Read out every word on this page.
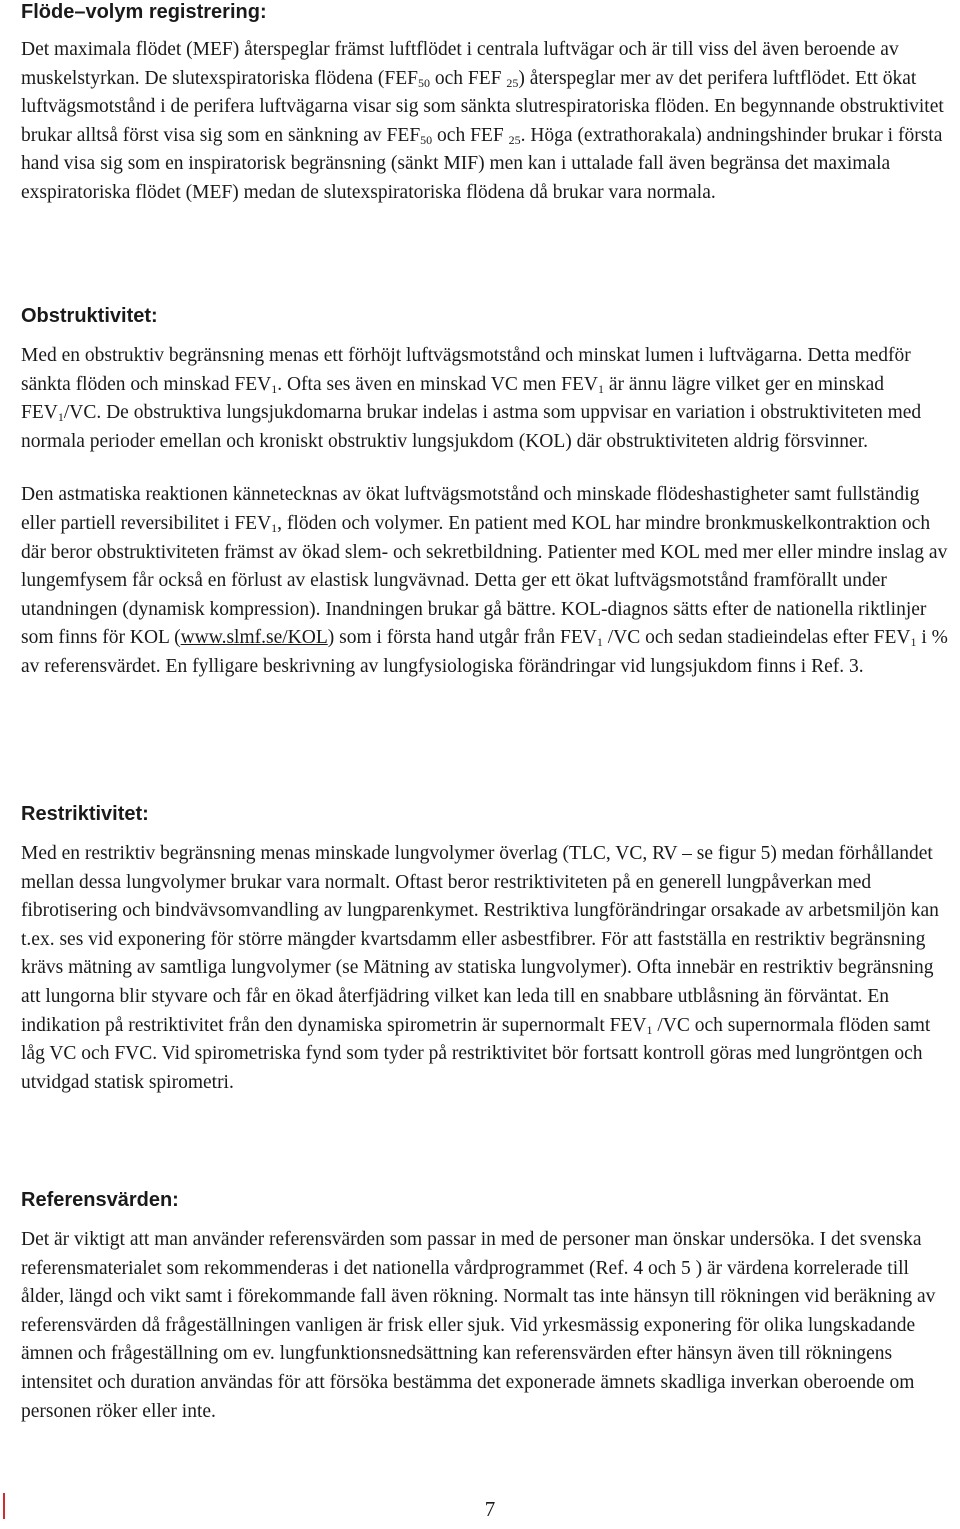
Flöde–volym registrering:

Det maximala flödet (MEF) återspeglar främst luftflödet i centrala luftvägar och är till viss del även beroende av muskelstyrkan. De slutexspiratoriska flödena ($FEF_{50}$ och FEF $_{25}$) återspeglar mer av det perifera luftflödet. Ett ökat luftvägsmotstånd i de perifera luftvägarna visar sig som sänkta slutrespiratoriska flöden. En begynnande obstruktivitet brukar alltså först visa sig som en sänkning av $FEF_{50}$ och FEF $_{25}$. Höga (extrathorakala) andningshinder brukar i första hand visa sig som en inspiratorisk begränsning (sänkt MIF) men kan i uttalade fall även begränsa det maximala exspiratoriska flödet (MEF) medan de slutexspiratoriska flödena då brukar vara normala.

Obstruktivitet:

Med en obstruktiv begränsning menas ett förhöjt luftvägsmotstånd och minskat lumen i luftvägarna. Detta medför sänkta flöden och minskad $FEV_1$. Ofta ses även en minskad VC men $FEV_1$ är ännu lägre vilket ger en minskad $FEV_1/VC$. De obstruktiva lungsjukdomarna brukar indelas i astma som uppvisar en variation i obstruktiviteten med normala perioder emellan och kroniskt obstruktiv lungsjukdom (KOL) där obstruktiviteten aldrig försvinner.

Den astmatiska reaktionen kännetecknas av ökat luftvägsmotstånd och minskade flödeshastigheter samt fullständig eller partiell reversibilitet i $FEV_1$, flöden och volymer. En patient med KOL har mindre bronkmuskelkontraktion och där beror obstruktiviteten främst av ökad slem- och sekretbildning. Patienter med KOL med mer eller mindre inslag av lungemfysem får också en förlust av elastisk lungvävnad. Detta ger ett ökat luftvägsmotstånd framförallt under utandningen (dynamisk kompression). Inandningen brukar gå bättre. KOL-diagnos sätts efter de nationella riktlinjer som finns för KOL (www.slmf.se/KOL) som i första hand utgår från $FEV_1$ /VC och sedan stadieindelas efter $FEV_1$ i % av referensvärdet. En fylligare beskrivning av lungfysiologiska förändringar vid lungsjukdom finns i Ref. 3.

Restriktivitet:

Med en restriktiv begränsning menas minskade lungvolymer överlag (TLC, VC, RV – se figur 5) medan förhållandet mellan dessa lungvolymer brukar vara normalt. Oftast beror restriktiviteten på en generell lungpåverkan med fibrotisering och bindvävsomvandling av lungparenkymet. Restriktiva lungförändringar orsakade av arbetsmiljön kan t.ex. ses vid exponering för större mängder kvartsdamm eller asbestfibrer. För att fastställa en restriktiv begränsning krävs mätning av samtliga lungvolymer (se Mätning av statiska lungvolymer). Ofta innebär en restriktiv begränsning att lungorna blir styvare och får en ökad återfjädring vilket kan leda till en snabbare utblåsning än förväntat. En indikation på restriktivitet från den dynamiska spirometrin är supernormalt $FEV_1$ /VC och supernormala flöden samt låg VC och FVC. Vid spirometriska fynd som tyder på restriktivitet bör fortsatt kontroll göras med lungröntgen och utvidgad statisk spirometri.

Referensvärden:

Det är viktigt att man använder referensvärden som passar in med de personer man önskar undersöka. I det svenska referensmaterialet som rekommenderas i det nationella vårdprogrammet (Ref. 4 och 5 ) är värdena korrelerade till ålder, längd och vikt samt i förekommande fall även rökning. Normalt tas inte hänsyn till rökningen vid beräkning av referensvärden då frågeställningen vanligen är frisk eller sjuk. Vid yrkesmässig exponering för olika lungskadande ämnen och frågeställning om ev. lungfunktionsnedsättning kan referensvärden efter hänsyn även till rökningens intensitet och duration användas för att försöka bestämma det exponerade ämnets skadliga inverkan oberoende om personen röker eller inte.

7
